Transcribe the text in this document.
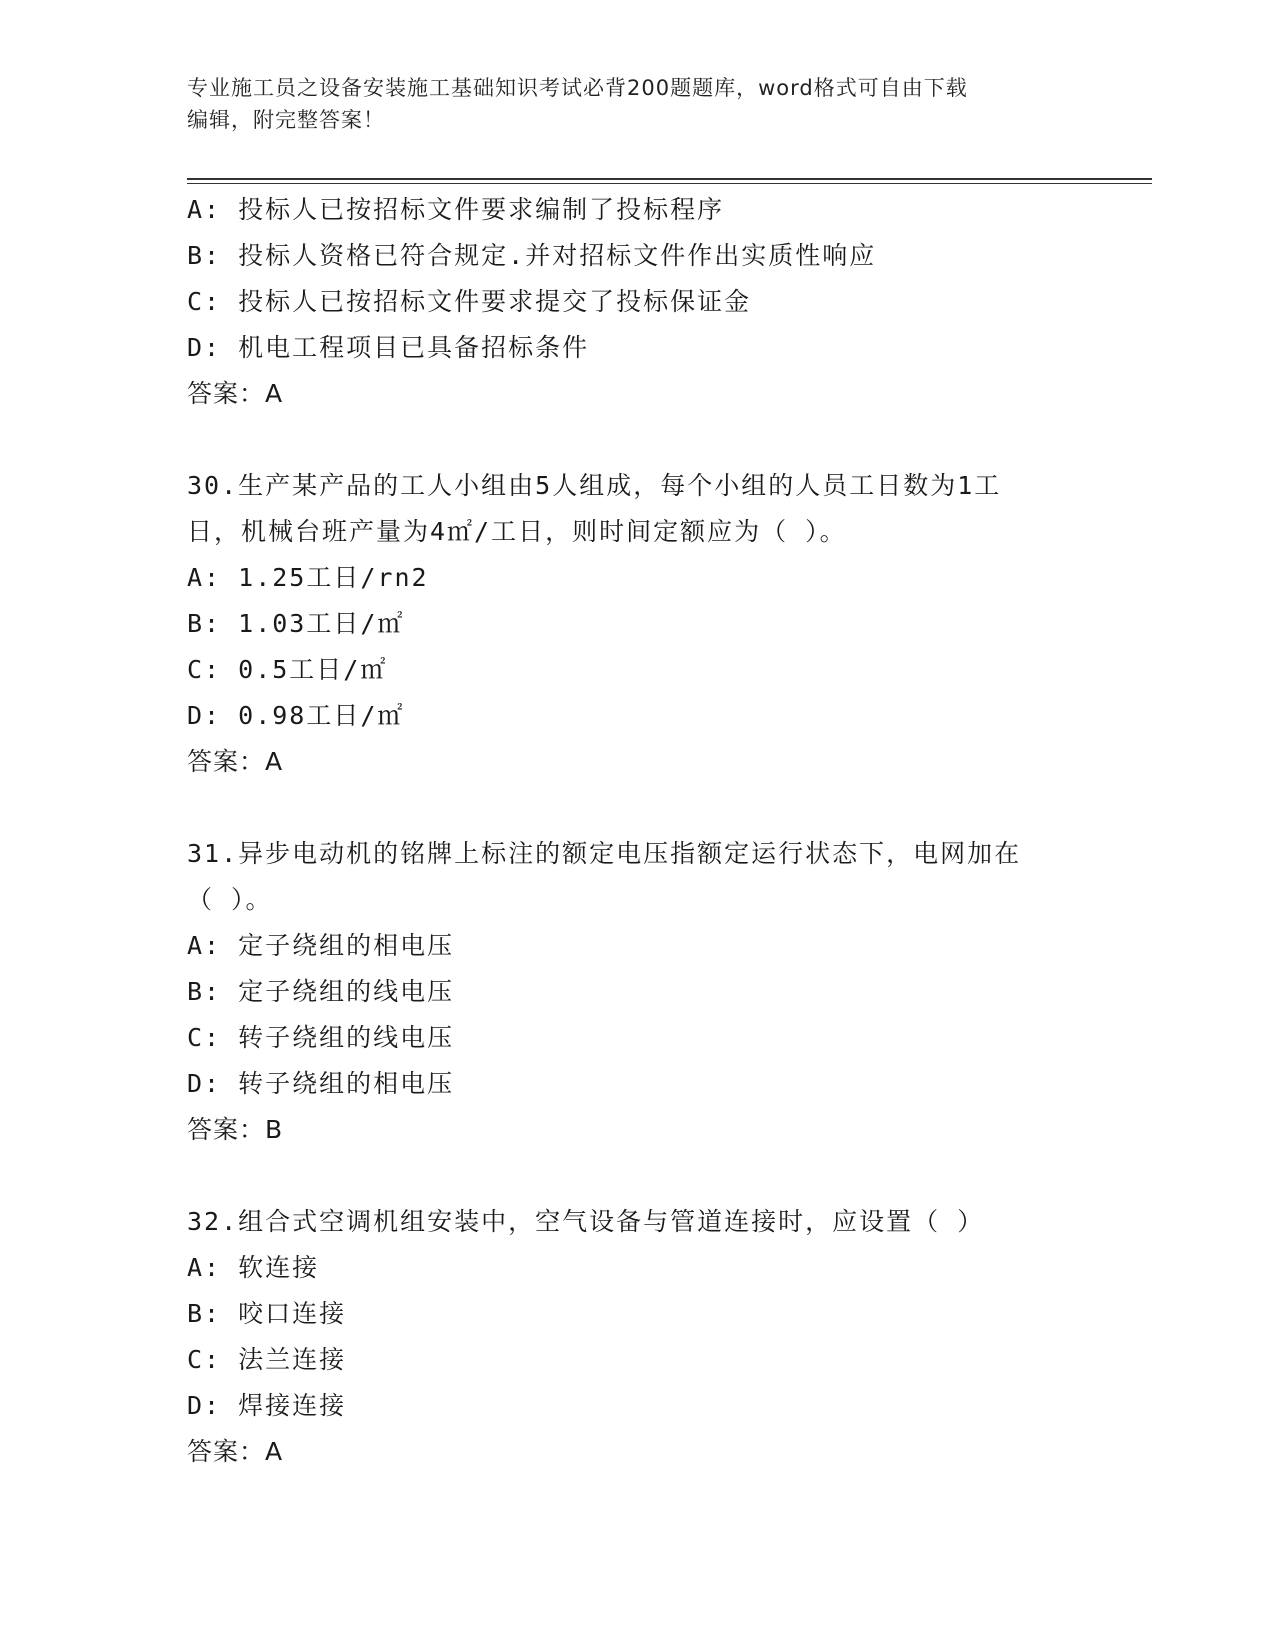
专业施工员之设备安装施工基础知识考试必背200题题库，word格式可自由下载
编辑，附完整答案！
A: 投标人已按招标文件要求编制了投标程序
B: 投标人资格已符合规定.并对招标文件作出实质性响应
C: 投标人已按招标文件要求提交了投标保证金
D: 机电工程项目已具备招标条件
答案：A
30.生产某产品的工人小组由5人组成，每个小组的人员工日数为1工
日，机械台班产量为4㎡/工日，则时间定额应为（ ）。
A: 1.25工日/rn2
B: 1.03工日/㎡
C: 0.5工日/㎡
D: 0.98工日/㎡
答案：A
31.异步电动机的铭牌上标注的额定电压指额定运行状态下，电网加在
（ ）。
A: 定子绕组的相电压
B: 定子绕组的线电压
C: 转子绕组的线电压
D: 转子绕组的相电压
答案：B
32.组合式空调机组安装中，空气设备与管道连接时，应设置（ ）
A: 软连接
B: 咬口连接
C: 法兰连接
D: 焊接连接
答案：A
